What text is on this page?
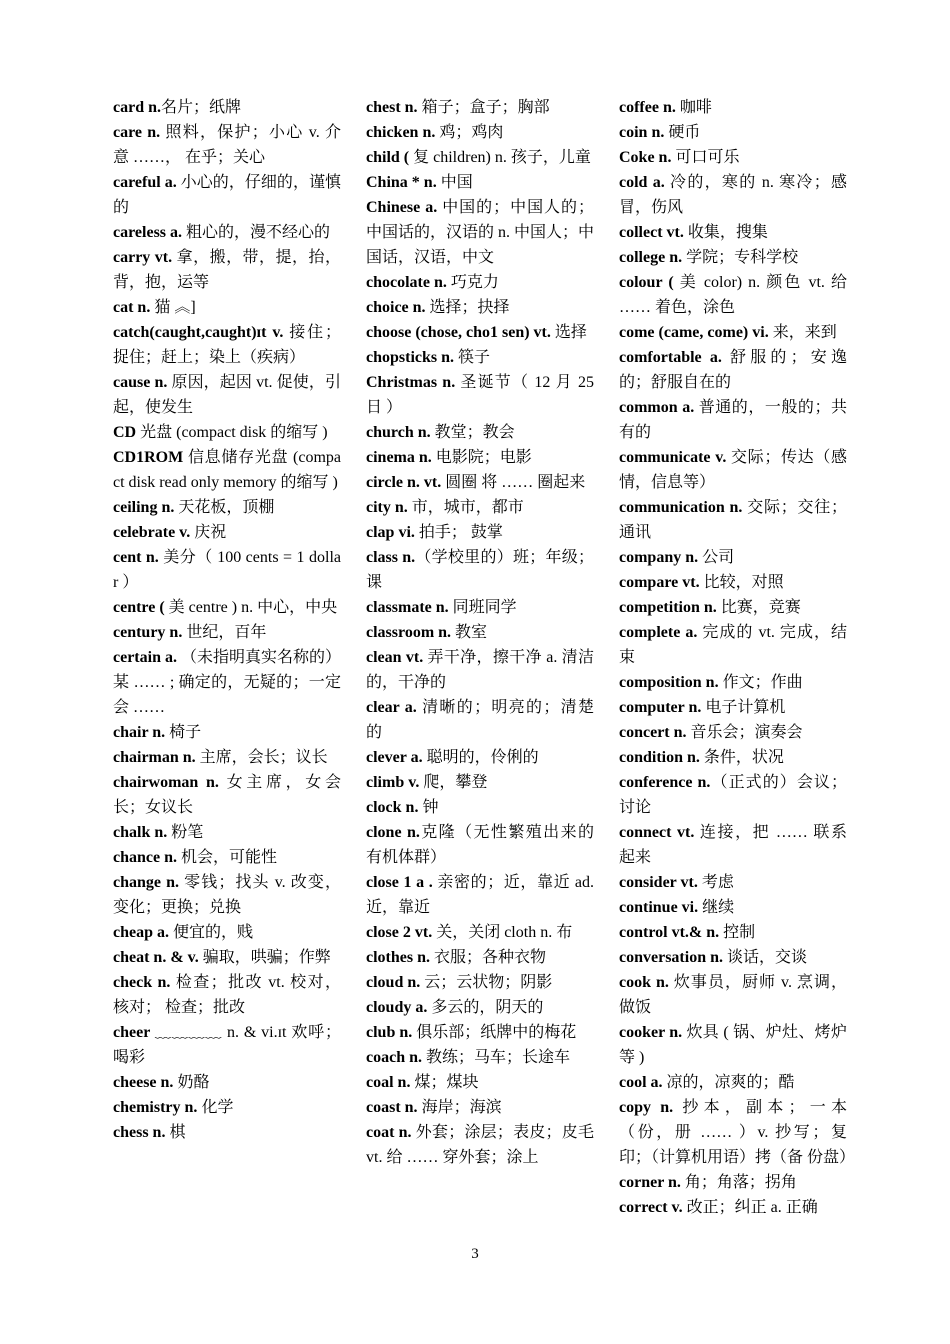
card n.名片；纸牌
care n. 照料，保护；小心 v. 介意 ……， 在乎；关心
careful a. 小心的，仔细的，谨慎的
careless a. 粗心的，漫不经心的
carry vt. 拿，搬，带，提，抬，背，抱，运等
cat n. 猫 ︽]
catch(caught,caught)ɪt v. 接住；捉住；赶上；染上（疾病）
cause n. 原因，起因 vt. 促使，引起，使发生
CD 光盘 (compact disk 的缩写 )
CD1ROM 信息储存光盘 (compact disk read only memory 的缩写 )
ceiling n. 天花板，顶棚
celebrate v. 庆祝
cent n. 美分（ 100 cents = 1 dollar ）
centre ( 美 centre ) n. 中心，中央
century n. 世纪，百年
certain a. （未指明真实名称的）某 …… ; 确定的，无疑的；一定会 ……
chair n. 椅子
chairman n. 主席，会长；议长
chairwoman n. 女主席，女会长；女议长
chalk n. 粉笔
chance n. 机会，可能性
change n. 零钱；找头 v. 改变，变化；更换；兑换
cheap a. 便宜的，贱
cheat n. & v. 骗取，哄骗；作弊
check n. 检查；批改 vt. 校对，核对； 检查；批改
cheer ﹏﹏﹏﹏ n. & vi.ɪt 欢呼； 喝彩
cheese n. 奶酪
chemistry n. 化学
chess n. 棋
chest n. 箱子；盒子；胸部
chicken n. 鸡；鸡肉
child ( 复 children) n. 孩子，儿童
China * n. 中国
Chinese a. 中国的；中国人的；中国话的，汉语的 n. 中国人；中国话，汉语，中文
chocolate n. 巧克力
choice n. 选择；抉择
choose (chose, cho1 sen) vt. 选择
chopsticks n. 筷子
Christmas n. 圣诞节（ 12 月 25 日 ）
church n. 教堂；教会
cinema n. 电影院；电影
circle n. vt. 圆圈 将 …… 圈起来
city n. 市，城市，都市
clap vi. 拍手； 鼓掌
class n.（学校里的）班；年级；课
classmate n. 同班同学
classroom n. 教室
clean vt. 弄干净，擦干净 a. 清洁的，干净的
clear a. 清晰的；明亮的；清楚的
clever a. 聪明的，伶俐的
climb v. 爬，攀登
clock n. 钟
clone n.克隆（无性繁殖出来的有机体群）
close 1 a . 亲密的；近，靠近 ad. 近，靠近
close 2 vt. 关，关闭 cloth n. 布
clothes n. 衣服；各种衣物
cloud n. 云；云状物；阴影
cloudy a. 多云的，阴天的
club n. 俱乐部；纸牌中的梅花
coach n. 教练；马车；长途车
coal n. 煤；煤块
coast n. 海岸；海滨
coat n. 外套；涂层；表皮；皮毛 vt. 给 …… 穿外套；涂上
coffee n. 咖啡
coin n. 硬币
Coke n. 可口可乐
cold a. 冷的，寒的 n. 寒冷；感冒，伤风
collect vt. 收集，搜集
college n. 学院；专科学校
colour ( 美 color) n. 颜色 vt. 给 …… 着色，涂色
come (came, come) vi. 来，来到
comfortable a. 舒服的；安逸的；舒服自在的
common a. 普通的，一般的；共有的
communicate v. 交际；传达（感情，信息等）
communication n. 交际；交往；通讯
company n. 公司
compare vt. 比较，对照
competition n. 比赛，竞赛
complete a. 完成的 vt. 完成，结束
composition n. 作文；作曲
computer n. 电子计算机
concert n. 音乐会；演奏会
condition n. 条件，状况
conference n.（正式的）会议；讨论
connect vt. 连接，把 …… 联系起来
consider vt. 考虑
continue vi. 继续
control vt.& n. 控制
conversation n. 谈话，交谈
cook n. 炊事员，厨师 v. 烹调，做饭
cooker n. 炊具 ( 锅、炉灶、烤炉等 )
cool a. 凉的，凉爽的；酷
copy n. 抄本，副本；一本（份，册 …… ）v. 抄写；复印；（计算机用语）拷（备 份盘）
corner n. 角；角落；拐角
correct v. 改正；纠正 a. 正确
3
